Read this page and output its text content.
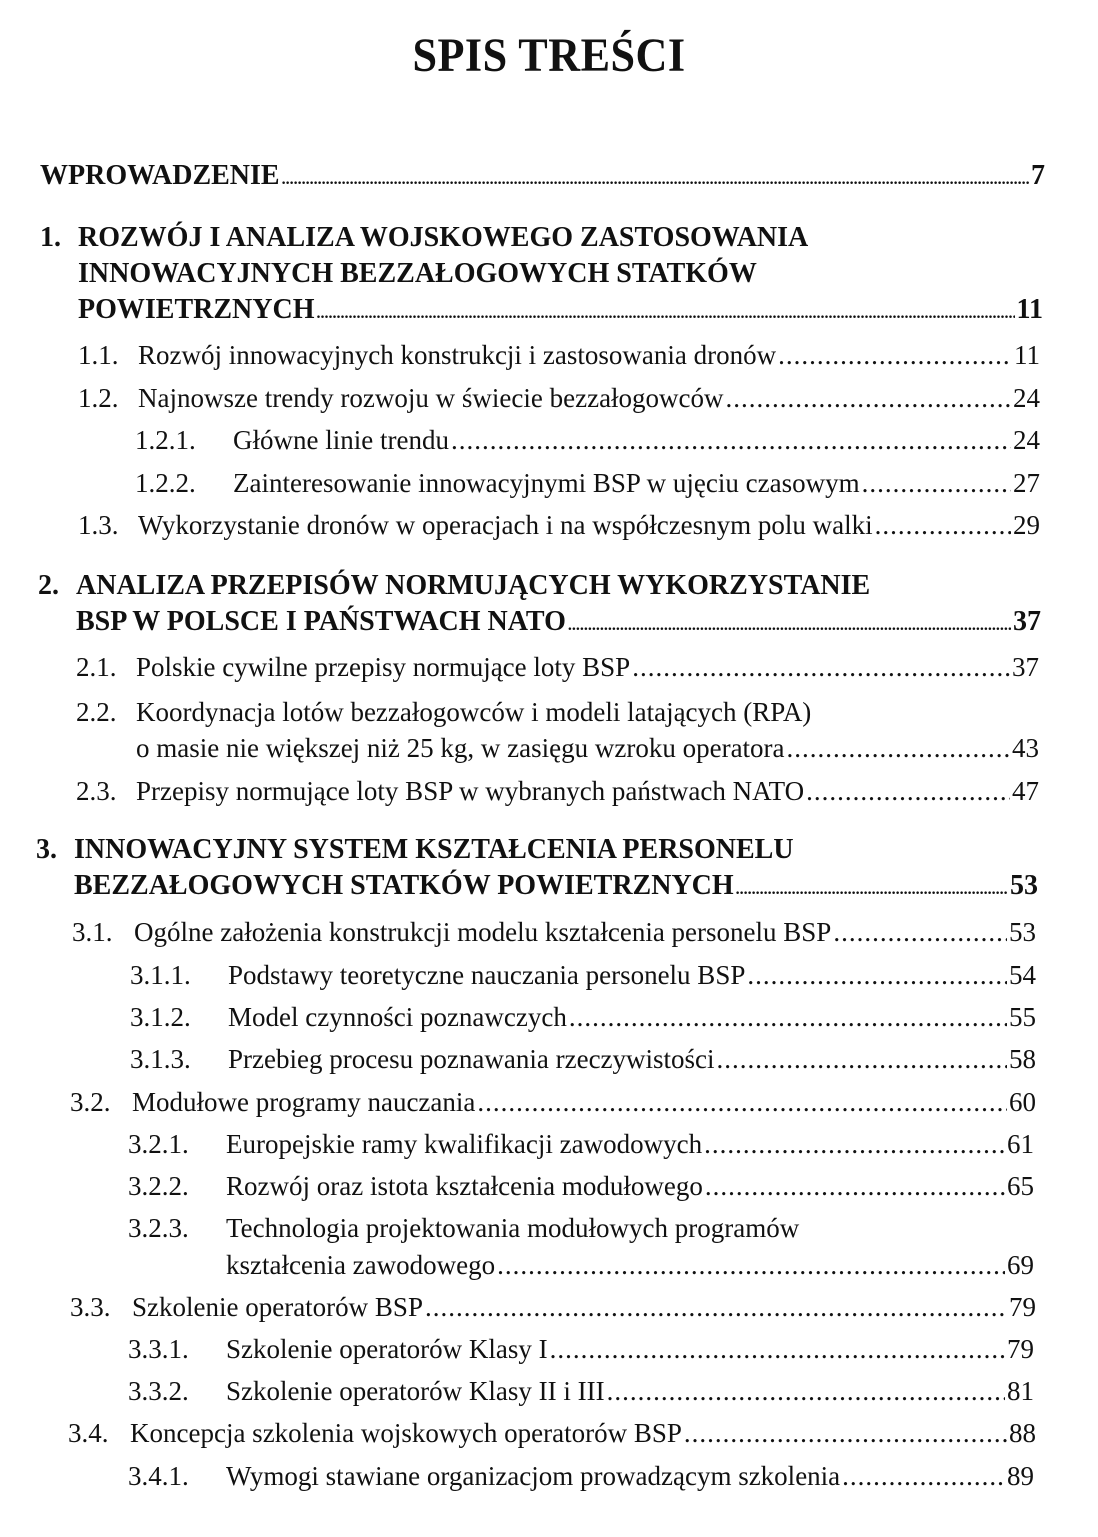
SPIS TREŚCI
WPROWADZENIE .....	7
1. ROZWÓJ I ANALIZA WOJSKOWEGO ZASTOSOWANIA
INNOWACYJNYCH BEZZAŁOGOWYCH STATKÓW
POWIETRZNYCH .....	11
1.1. Rozwój innowacyjnych konstrukcji i zastosowania dronów .....	11
1.2. Najnowsze trendy rozwoju w świecie bezzałogowców .....	24
1.2.1.	Główne linie trendu .....	24
1.2.2.	Zainteresowanie innowacyjnymi BSP w ujęciu czasowym .....	27
1.3. Wykorzystanie dronów w operacjach i na współczesnym polu walki .....	29
2. ANALIZA PRZEPISÓW NORMUJĄCYCH WYKORZYSTANIE
BSP W POLSCE I PAŃSTWACH NATO .....	37
2.1. Polskie cywilne przepisy normujące loty BSP .....	37
2.2. Koordynacja lotów bezzałogowców i modeli latających (RPA)
o masie nie większej niż 25 kg, w zasięgu wzroku operatora .....	43
2.3. Przepisy normujące loty BSP w wybranych państwach NATO .....	47
3. INNOWACYJNY SYSTEM KSZTAŁCENIA PERSONELU
BEZZAŁOGOWYCH STATKÓW POWIETRZNYCH .....	53
3.1. Ogólne założenia konstrukcji modelu kształcenia personelu BSP .....	53
3.1.1.	Podstawy teoretyczne nauczania personelu BSP .....	54
3.1.2.	Model czynności poznawczych .....	55
3.1.3.	Przebieg procesu poznawania rzeczywistości .....	58
3.2. Modułowe programy nauczania .....	60
3.2.1.	Europejskie ramy kwalifikacji zawodowych .....	61
3.2.2.	Rozwój oraz istota kształcenia modułowego .....	65
3.2.3. Technologia projektowania modułowych programów
kształcenia zawodowego .....	69
3.3. Szkolenie operatorów BSP .....	79
3.3.1.	Szkolenie operatorów Klasy I .....	79
3.3.2.	Szkolenie operatorów Klasy II i III .....	81
3.4. Koncepcja szkolenia wojskowych operatorów BSP .....	88
3.4.1.	Wymogi stawiane organizacjom prowadzącym szkolenia .....	89
